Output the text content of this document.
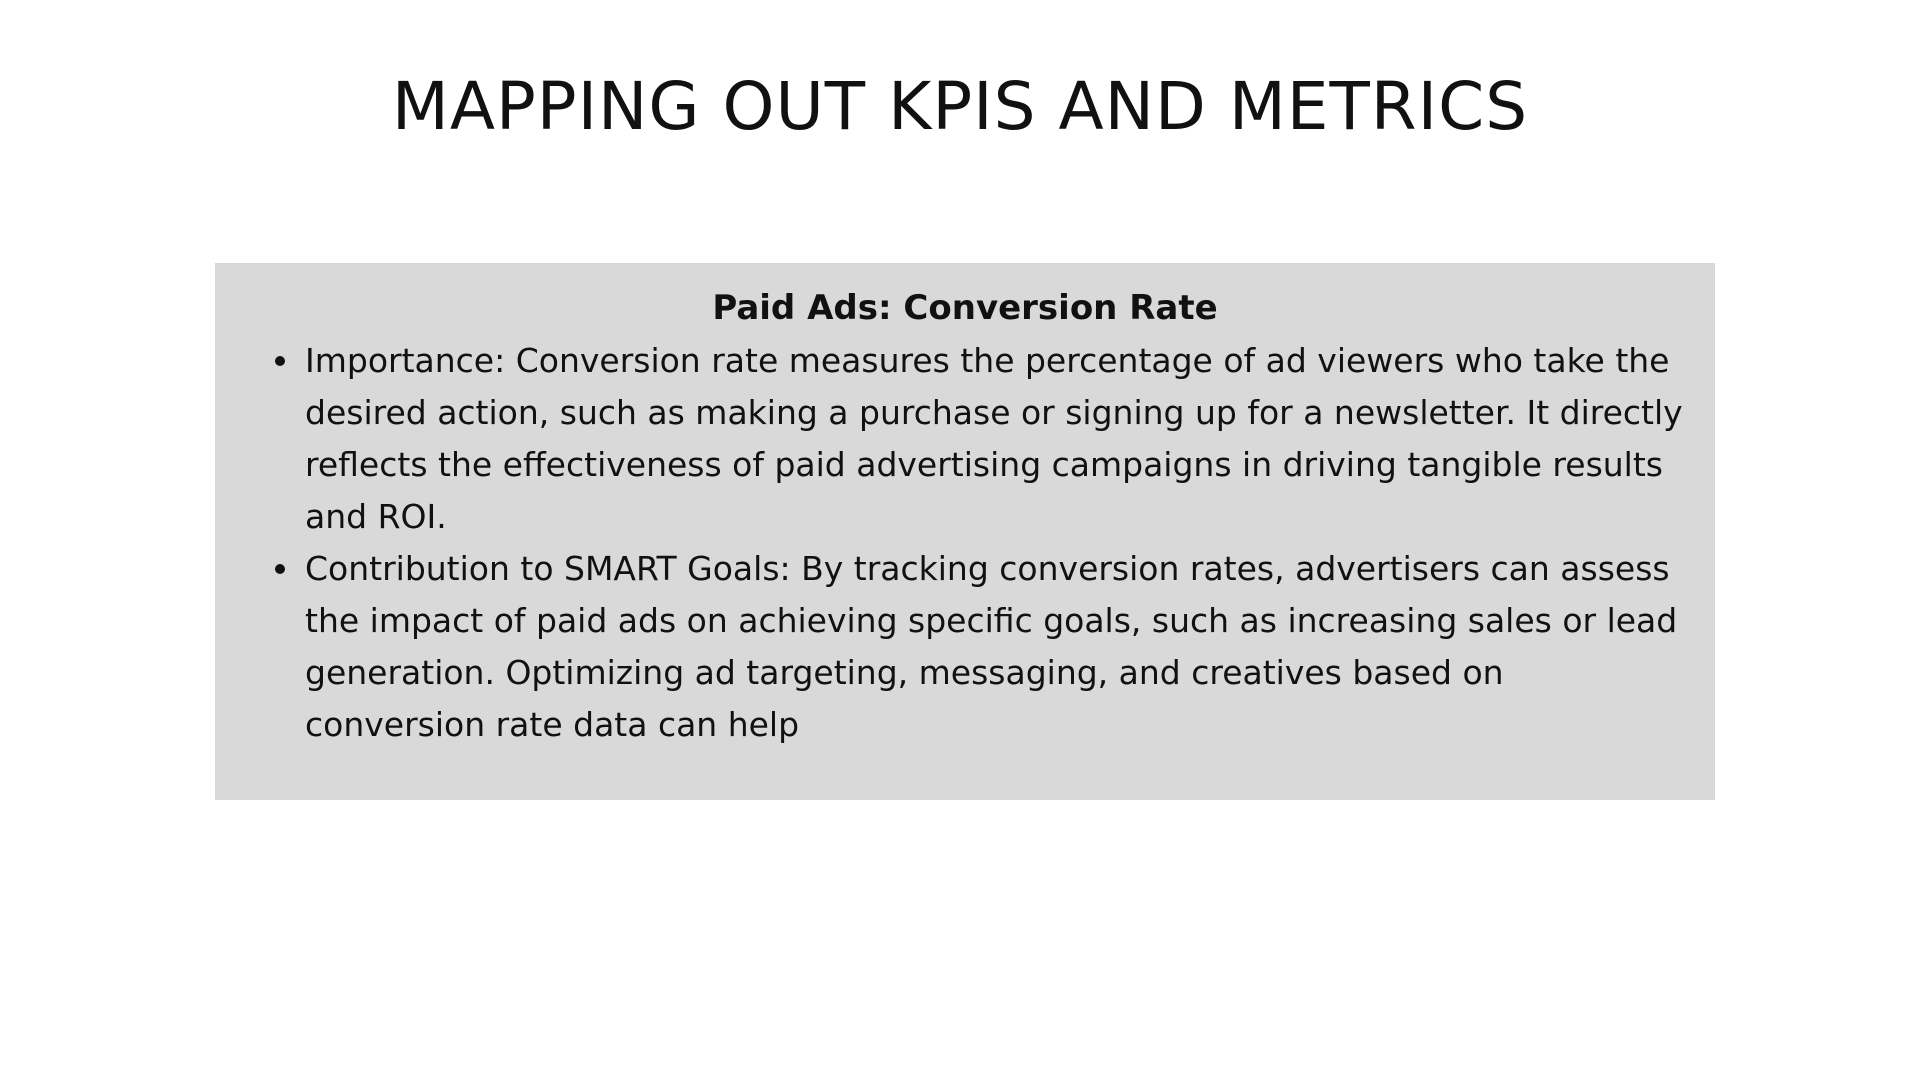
MAPPING OUT KPIS AND METRICS
Paid Ads: Conversion Rate
Importance: Conversion rate measures the percentage of ad viewers who take the desired action, such as making a purchase or signing up for a newsletter. It directly reflects the effectiveness of paid advertising campaigns in driving tangible results and ROI.
Contribution to SMART Goals: By tracking conversion rates, advertisers can assess the impact of paid ads on achieving specific goals, such as increasing sales or lead generation. Optimizing ad targeting, messaging, and creatives based on conversion rate data can help
